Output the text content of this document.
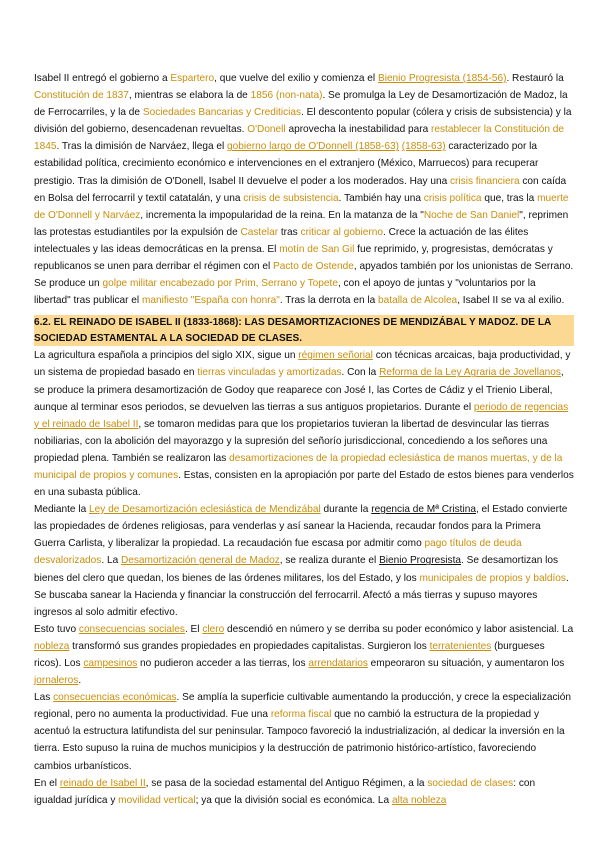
Isabel II entregó el gobierno a Espartero, que vuelve del exilio y comienza el Bienio Progresista (1854-56). Restauró la Constitución de 1837, mientras se elabora la de 1856 (non-nata). Se promulga la Ley de Desamortización de Madoz, la de Ferrocarriles, y la de Sociedades Bancarias y Crediticias. El descontento popular (cólera y crisis de subsistencia) y la división del gobierno, desencadenan revueltas. O'Donell aprovecha la inestabilidad para restablecer la Constitución de 1845. Tras la dimisión de Narváez, llega el gobierno largo de O'Donnell (1858-63) (1858-63) caracterizado por la estabilidad política, crecimiento económico e intervenciones en el extranjero (México, Marruecos) para recuperar prestigio. Tras la dimisión de O'Donell, Isabel II devuelve el poder a los moderados. Hay una crisis financiera con caída en Bolsa del ferrocarril y textil catatalán, y una crisis de subsistencia. También hay una crisis política que, tras la muerte de O'Donnell y Narváez, incrementa la impopularidad de la reina. En la matanza de la "Noche de San Daniel", reprimen las protestas estudiantiles por la expulsión de Castelar tras criticar al gobierno. Crece la actuación de las élites intelectuales y las ideas democráticas en la prensa. El motín de San Gil fue reprimido, y, progresistas, demócratas y republicanos se unen para derribar el régimen con el Pacto de Ostende, apyados también por los unionistas de Serrano. Se produce un golpe militar encabezado por Prim, Serrano y Topete, con el apoyo de juntas y "voluntarios por la libertad" tras publicar el manifiesto "España con honra". Tras la derrota en la batalla de Alcolea, Isabel II se va al exilio.

6.2. EL REINADO DE ISABEL II (1833-1868): LAS DESAMORTIZACIONES DE MENDIZÁBAL Y MADOZ. DE LA SOCIEDAD ESTAMENTAL A LA SOCIEDAD DE CLASES.

La agricultura española a principios del siglo XIX, sigue un régimen señorial con técnicas arcaicas, baja productividad, y un sistema de propiedad basado en tierras vinculadas y amortizadas. Con la Reforma de la Ley Agraria de Jovellanos, se produce la primera desamortización de Godoy que reaparece con José I, las Cortes de Cádiz y el Trienio Liberal, aunque al terminar esos periodos, se devuelven las tierras a sus antiguos propietarios. Durante el periodo de regencias y el reinado de Isabel II, se tomaron medidas para que los propietarios tuvieran la libertad de desvincular las tierras nobiliarias, con la abolición del mayorazgo y la supresión del señorío jurisdiccional, concediendo a los señores una propiedad plena. También se realizaron las desamortizaciones de la propiedad eclesiástica de manos muertas, y de la municipal de propios y comunes. Estas, consisten en la apropiación por parte del Estado de estos bienes para venderlos en una subasta pública.

Mediante la Ley de Desamortización eclesiástica de Mendizábal durante la regencia de Mª Cristina, el Estado convierte las propiedades de órdenes religiosas, para venderlas y así sanear la Hacienda, recaudar fondos para la Primera Guerra Carlista, y liberalizar la propiedad. La recaudación fue escasa por admitir como pago títulos de deuda desvalorizados. La Desamortización general de Madoz, se realiza durante el Bienio Progresista. Se desamortizan los bienes del clero que quedan, los bienes de las órdenes militares, los del Estado, y los municipales de propios y baldíos. Se buscaba sanear la Hacienda y financiar la construcción del ferrocarril. Afectó a más tierras y supuso mayores ingresos al solo admitir efectivo.

Esto tuvo consecuencias sociales. El clero descendió en número y se derriba su poder económico y labor asistencial. La nobleza transformó sus grandes propiedades en propiedades capitalistas. Surgieron los terratenientes (burgueses ricos). Los campesinos no pudieron acceder a las tierras, los arrendatarios empeoraron su situación, y aumentaron los jornaleros.

Las consecuencias económicas. Se amplía la superficie cultivable aumentando la producción, y crece la especialización regional, pero no aumenta la productividad. Fue una reforma fiscal que no cambió la estructura de la propiedad y acentuó la estructura latifundista del sur peninsular. Tampoco favoreció la industrialización, al dedicar la inversión en la tierra. Esto supuso la ruina de muchos municipios y la destrucción de patrimonio histórico-artístico, favoreciendo cambios urbanísticos.

En el reinado de Isabel II, se pasa de la sociedad estamental del Antiguo Régimen, a la sociedad de clases: con igualdad jurídica y movilidad vertical; ya que la división social es económica. La alta nobleza
